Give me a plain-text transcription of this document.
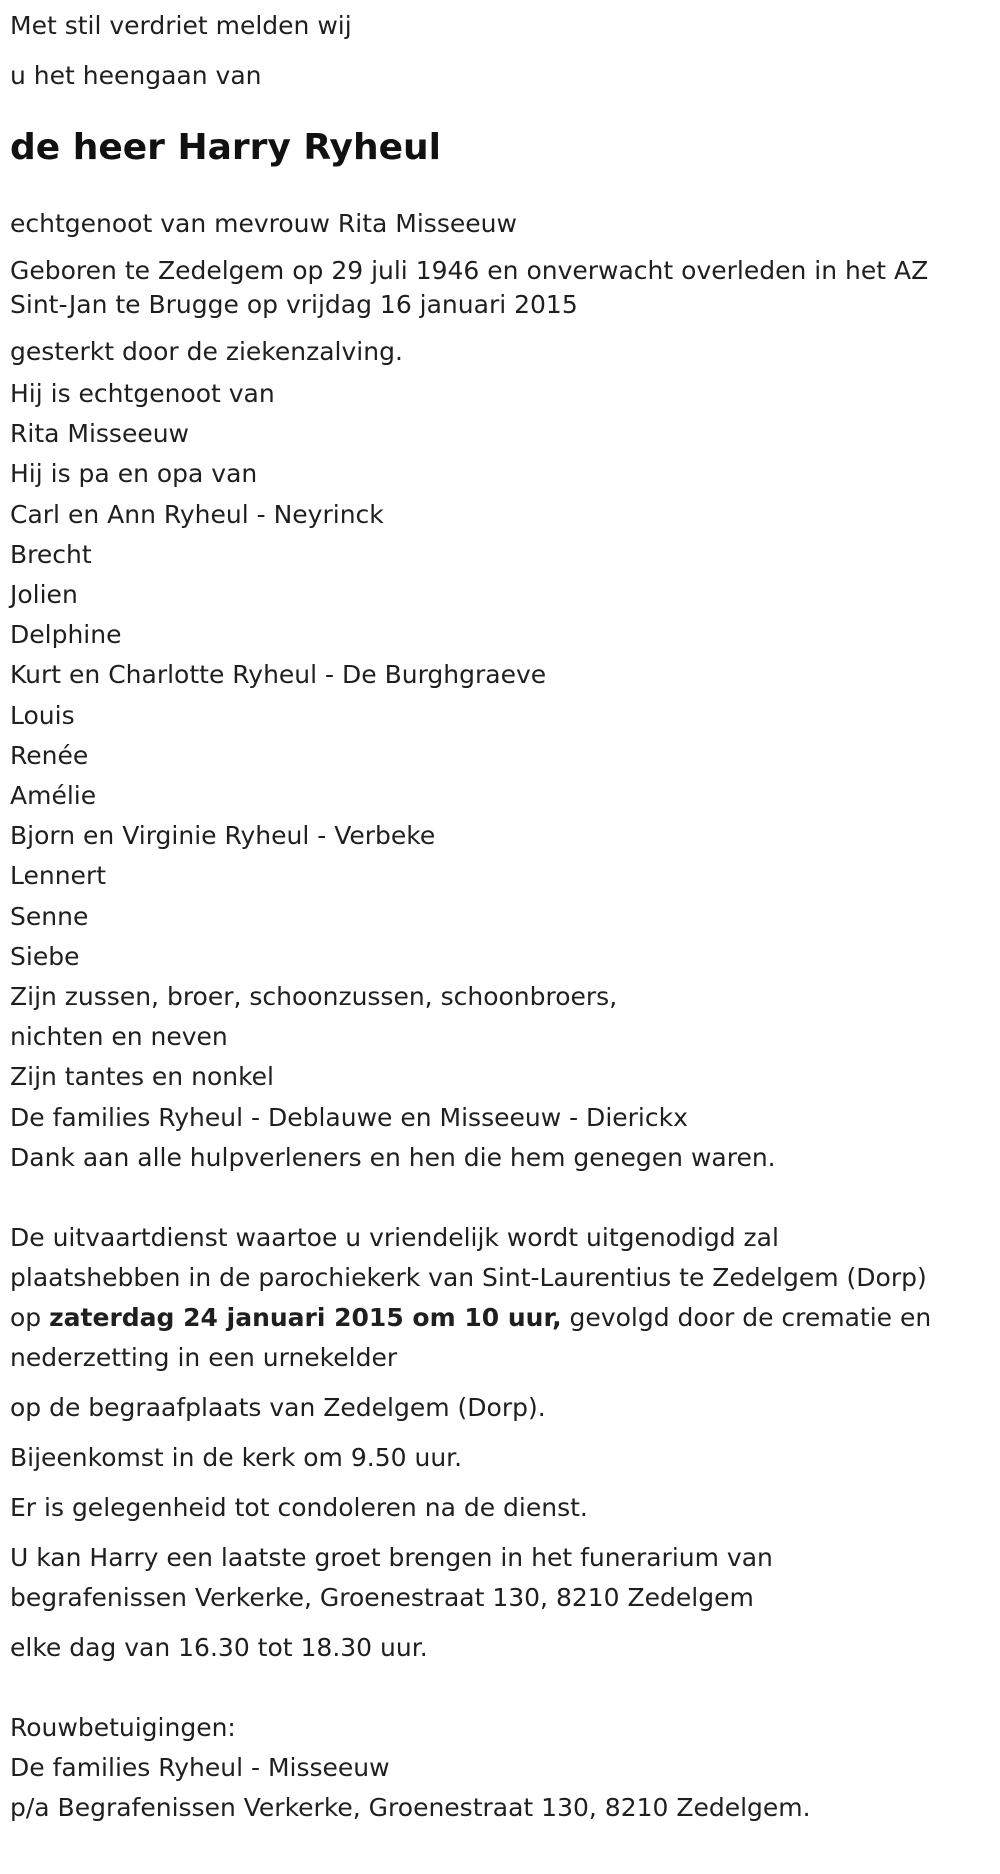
Met stil verdriet melden wij

u het heengaan van

de heer Harry Ryheul

echtgenoot van mevrouw Rita Misseeuw

Geboren te Zedelgem op 29 juli 1946 en onverwacht overleden in het AZ

Sint-Jan te Brugge op vrijdag 16 januari 2015

gesterkt door de ziekenzalving.

Hij is echtgenoot van

Rita Misseeuw

Hij is pa en opa van

Carl en Ann Ryheul - Neyrinck

Brecht

Jolien

Delphine

Kurt en Charlotte Ryheul - De Burghgraeve

Louis

Renée

Amélie

Bjorn en Virginie Ryheul - Verbeke

Lennert

Senne

Siebe

Zijn zussen, broer, schoonzussen, schoonbroers,

nichten en neven

Zijn tantes en nonkel

De families Ryheul - Deblauwe en Misseeuw - Dierickx

Dank aan alle hulpverleners en hen die hem genegen waren.

De uitvaartdienst waartoe u vriendelijk wordt uitgenodigd zal

plaatshebben in de parochiekerk van Sint-Laurentius te Zedelgem (Dorp)

op zaterdag 24 januari 2015 om 10 uur, gevolgd door de crematie en

nederzetting in een urnekelder

op de begraafplaats van Zedelgem (Dorp).

Bijeenkomst in de kerk om 9.50 uur.

Er is gelegenheid tot condoleren na de dienst.

U kan Harry een laatste groet brengen in het funerarium van

begrafenissen Verkerke, Groenestraat 130, 8210 Zedelgem

elke dag van 16.30 tot 18.30 uur.

Rouwbetuigingen:

De families Ryheul - Misseeuw

p/a Begrafenissen Verkerke, Groenestraat 130, 8210 Zedelgem.
